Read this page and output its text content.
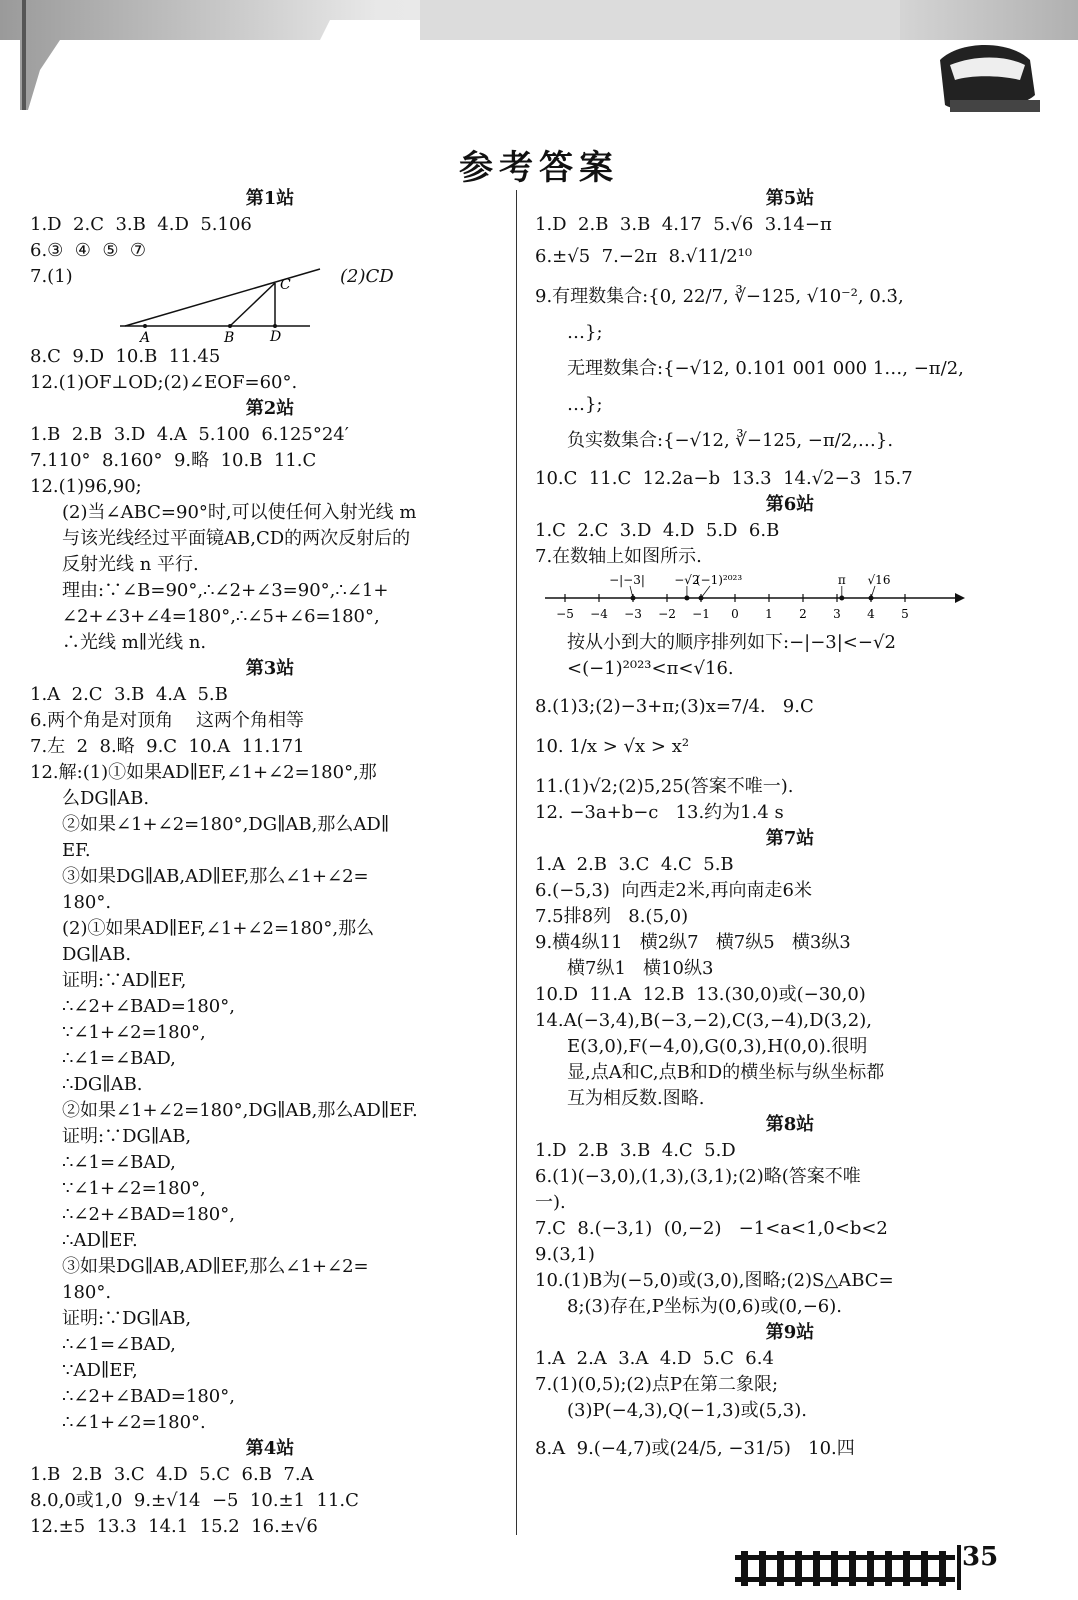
参考答案
第1站
1.D  2.C  3.B  4.D  5.106
6.③  ④  ⑤  ⑦
7.(1)	(2)CD
A	B
C
D
8.C  9.D  10.B  11.45
12.(1)OF⊥OD;(2)∠EOF=60°.
第2站
1.B  2.B  3.D  4.A  5.100  6.125°24′
7.110°  8.160°  9.略  10.B  11.C
12.(1)96,90;
(2)当∠ABC=90°时,可以使任何入射光线 m
与该光线经过平面镜AB,CD的两次反射后的
反射光线 n 平行.
理由:∵∠B=90°,∴∠2+∠3=90°,∴∠1+
∠2+∠3+∠4=180°,∴∠5+∠6=180°,
∴光线 m∥光线 n.
第3站
1.A  2.C  3.B  4.A  5.B
6.两个角是对顶角    这两个角相等
7.左  2  8.略  9.C  10.A  11.171
12.解:(1)①如果AD∥EF,∠1+∠2=180°,那
么DG∥AB.
②如果∠1+∠2=180°,DG∥AB,那么AD∥
EF.
③如果DG∥AB,AD∥EF,那么∠1+∠2=
180°.
(2)①如果AD∥EF,∠1+∠2=180°,那么
DG∥AB.
证明:∵AD∥EF,
∴∠2+∠BAD=180°,
∵∠1+∠2=180°,
∴∠1=∠BAD,
∴DG∥AB.
②如果∠1+∠2=180°,DG∥AB,那么AD∥EF.
证明:∵DG∥AB,
∴∠1=∠BAD,
∵∠1+∠2=180°,
∴∠2+∠BAD=180°,
∴AD∥EF.
③如果DG∥AB,AD∥EF,那么∠1+∠2=
180°.
证明:∵DG∥AB,
∴∠1=∠BAD,
∵AD∥EF,
∴∠2+∠BAD=180°,
∴∠1+∠2=180°.
第4站
1.B  2.B  3.C  4.D  5.C  6.B  7.A
8.0,0或1,0  9.±√14  −5  10.±1  11.C
12.±5  13.3  14.1  15.2  16.±√6
第5站
1.D  2.B  3.B  4.17  5.√6  3.14−π
6.±√5  7.−2π  8.√11/2¹⁰
9.有理数集合:{0, 22/7, ∛−125, √10⁻², 0.3̇,
…};
无理数集合:{−√12, 0.101 001 000 1…, −π/2,
…};
负实数集合:{−√12, ∛−125, −π/2,…}.
10.C  11.C  12.2a−b  13.3  14.√2−3  15.7
第6站
1.C  2.C  3.D  4.D  5.D  6.B
7.在数轴上如图所示.
−5 −4 −3 −2 −1 0 1 2 3 4 5
−|−3| −√2
(−1)²⁰²³	π √16
按从小到大的顺序排列如下:−|−3|<−√2
<(−1)²⁰²³<π<√16.
8.(1)3;(2)−3+π;(3)x=7/4.   9.C
10. 1/x > √x > x²
11.(1)√2;(2)5,25(答案不唯一).
12. −3a+b−c   13.约为1.4 s
第7站
1.A  2.B  3.C  4.C  5.B
6.(−5,3)  向西走2米,再向南走6米
7.5排8列   8.(5,0)
9.横4纵11   横2纵7   横7纵5   横3纵3
横7纵1   横10纵3
10.D  11.A  12.B  13.(30,0)或(−30,0)
14.A(−3,4),B(−3,−2),C(3,−4),D(3,2),
E(3,0),F(−4,0),G(0,3),H(0,0).很明
显,点A和C,点B和D的横坐标与纵坐标都
互为相反数.图略.
第8站
1.D  2.B  3.B  4.C  5.D
6.(1)(−3,0),(1,3),(3,1);(2)略(答案不唯
一).
7.C  8.(−3,1)  (0,−2)   −1<a<1,0<b<2
9.(3,1)
10.(1)B为(−5,0)或(3,0),图略;(2)S△ABC=
8;(3)存在,P坐标为(0,6)或(0,−6).
第9站
1.A  2.A  3.A  4.D  5.C  6.4
7.(1)(0,5);(2)点P在第二象限;
(3)P(−4,3),Q(−1,3)或(5,3).
8.A  9.(−4,7)或(24/5, −31/5)   10.四
35
